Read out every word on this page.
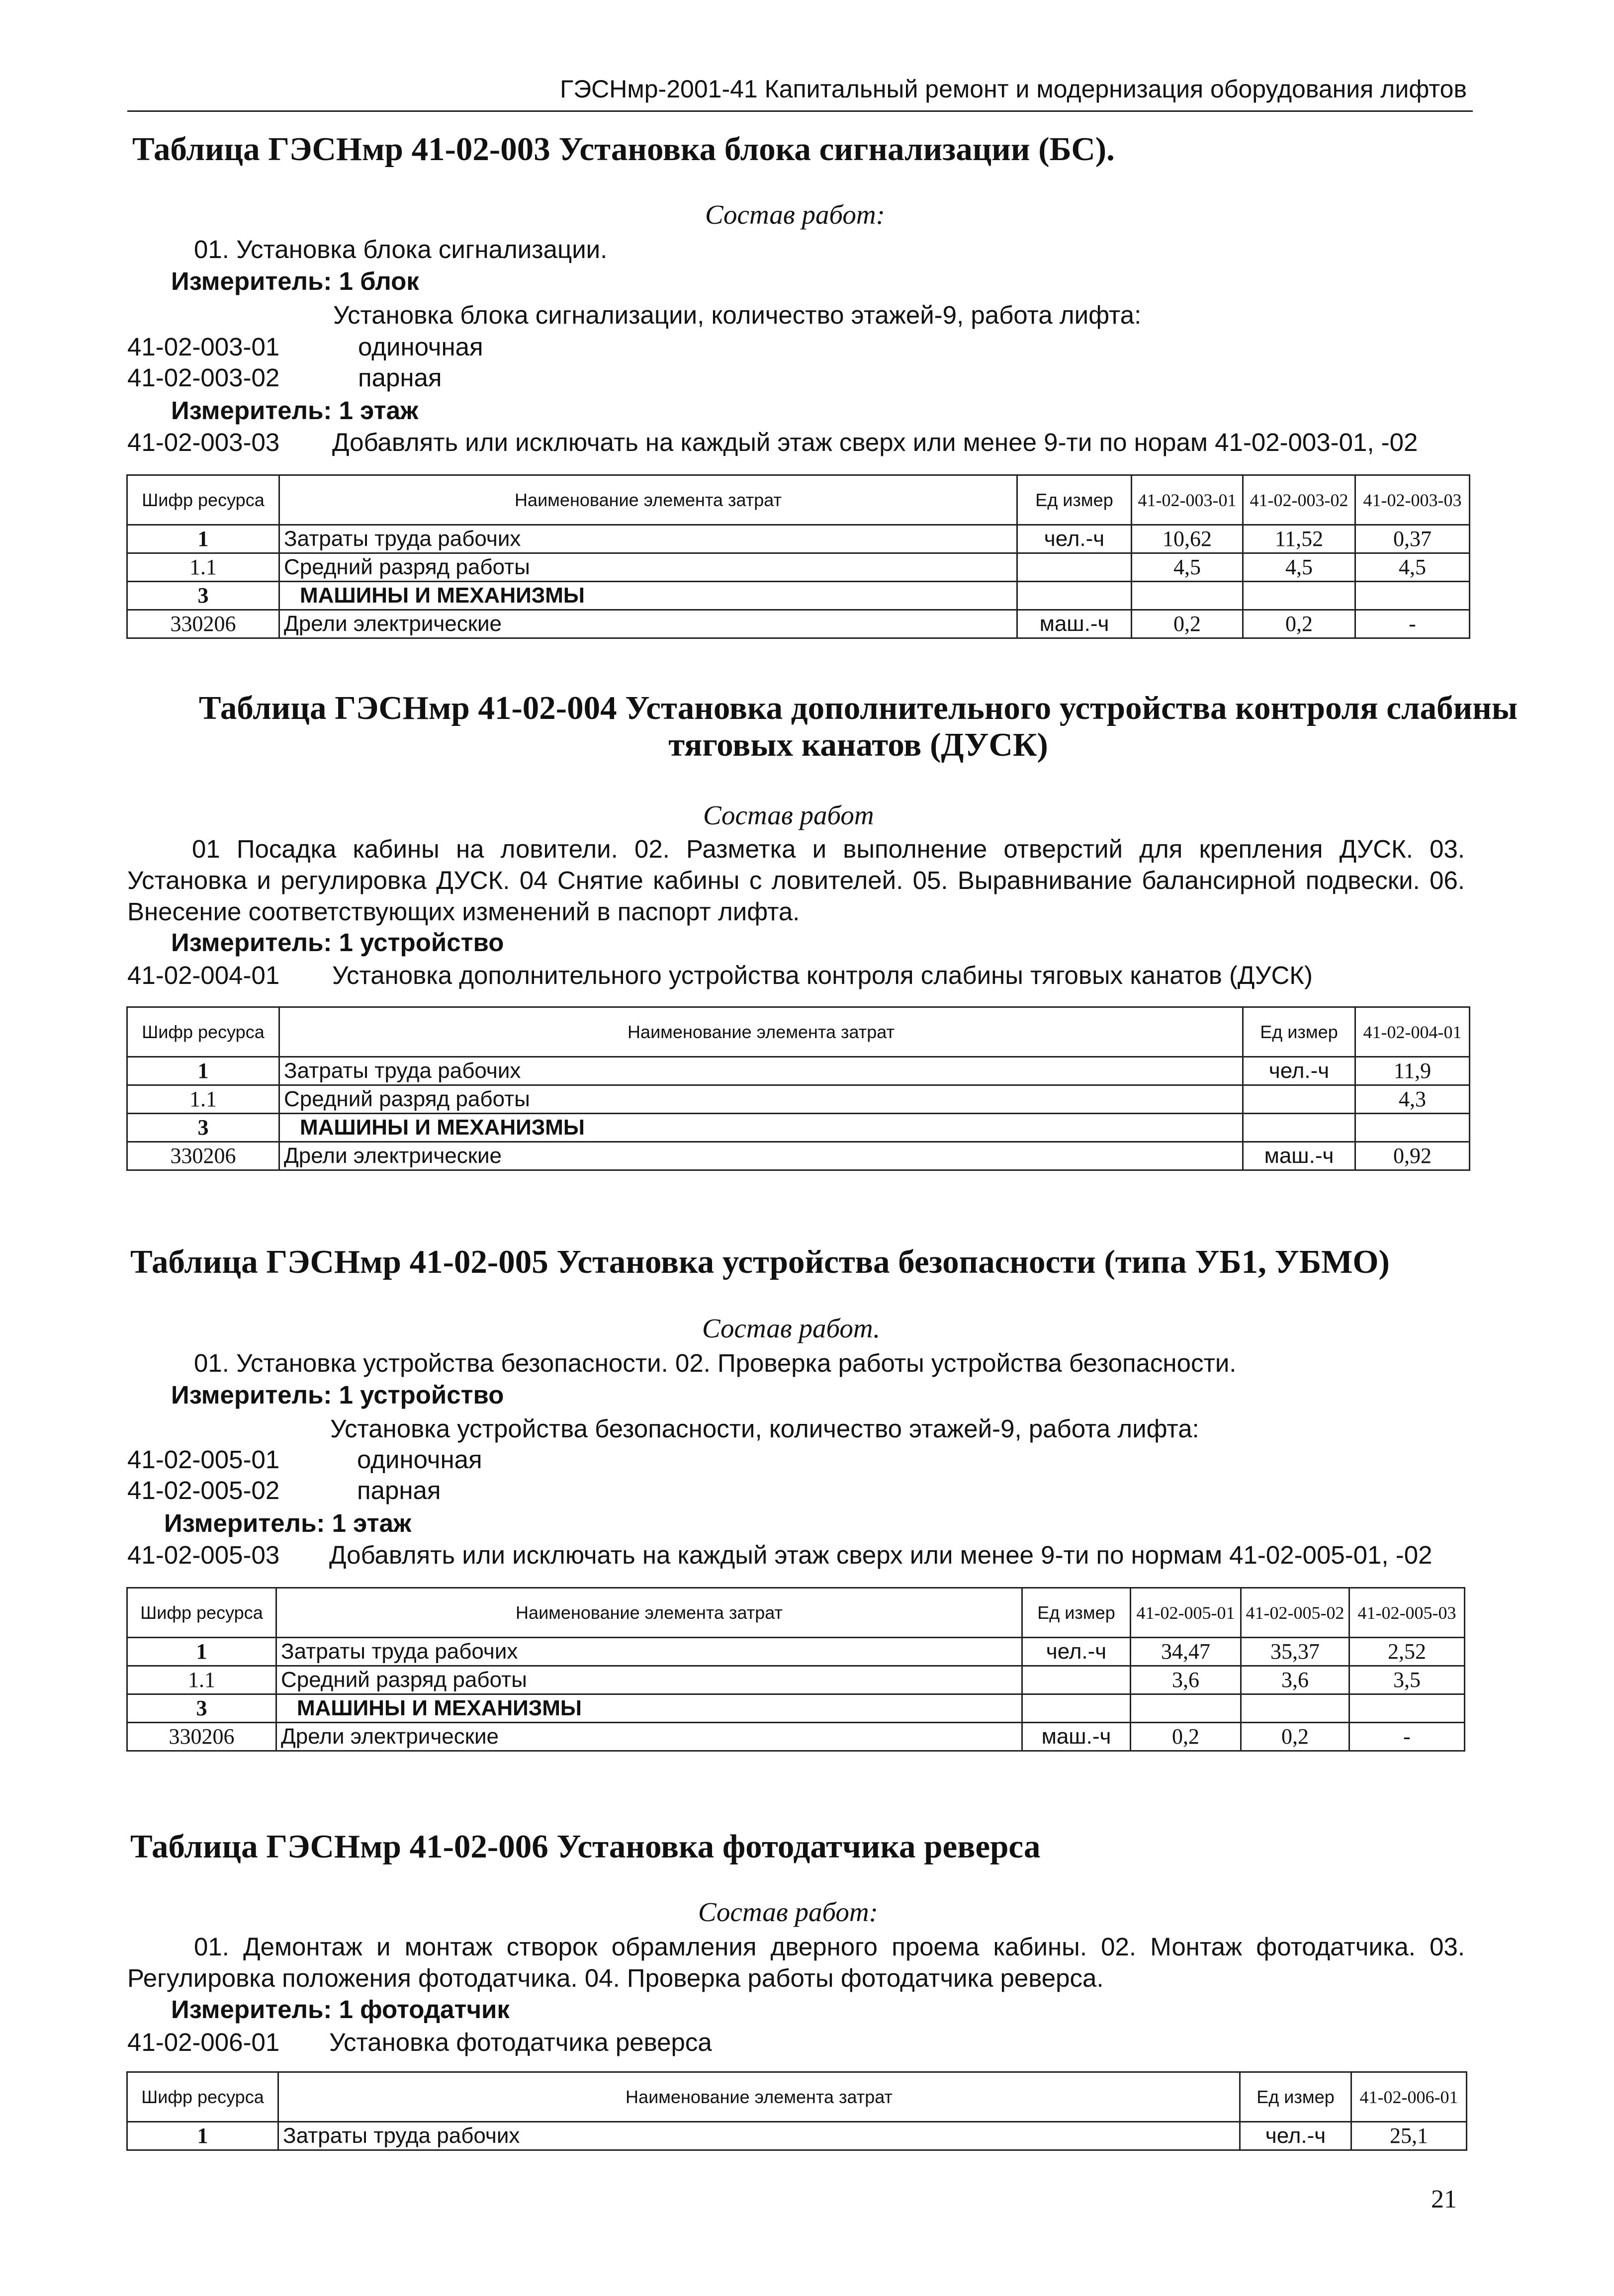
ГЭСНмр-2001-41 Капитальный ремонт и модернизация оборудования лифтов
Таблица ГЭСНмр 41-02-003 Установка блока сигнализации (БС).
Состав работ:
01. Установка блока сигнализации.
Измеритель: 1 блок
Установка блока сигнализации, количество этажей-9, работа лифта:
41-02-003-01	одиночная
41-02-003-02	парная
Измеритель: 1 этаж
41-02-003-03 Добавлять или исключать на каждый этаж сверх или менее 9-ти по норам 41-02-003-01, -02
Шифр ресурса	Наименование элемента затрат	Ед измер	41-02-003-01	41-02-003-02	41-02-003-03
1	Затраты труда рабочих	чел.-ч	10,62	11,52	0,37
1.1	Средний разряд работы		4,5	4,5	4,5
3	МАШИНЫ И МЕХАНИЗМЫ				
330206	Дрели электрические	маш.-ч	0,2	0,2	-
Таблица ГЭСНмр 41-02-004 Установка дополнительного устройства контроля слабины
тяговых канатов (ДУСК)
Состав работ
01 Посадка кабины на ловители. 02. Разметка и выполнение отверстий для крепления ДУСК. 03. Установка и регулировка ДУСК. 04 Снятие кабины с ловителей. 05. Выравнивание балансирной подвески. 06. Внесение соответствующих изменений в паспорт лифта.
Измеритель: 1 устройство
41-02-004-01 Установка дополнительного устройства контроля слабины тяговых канатов (ДУСК)
Шифр ресурса	Наименование элемента затрат	Ед измер	41-02-004-01
1	Затраты труда рабочих	чел.-ч	11,9
1.1	Средний разряд работы		4,3
3	МАШИНЫ И МЕХАНИЗМЫ		
330206	Дрели электрические	маш.-ч	0,92
Таблица ГЭСНмр 41-02-005 Установка устройства безопасности (типа УБ1, УБМО)
Состав работ.
01. Установка устройства безопасности. 02. Проверка работы устройства безопасности.
Измеритель: 1 устройство
Установка устройства безопасности, количество этажей-9, работа лифта:
41-02-005-01	одиночная
41-02-005-02	парная
Измеритель: 1 этаж
41-02-005-03 Добавлять или исключать на каждый этаж сверх или менее 9-ти по нормам 41-02-005-01, -02
Шифр ресурса	Наименование элемента затрат	Ед измер	41-02-005-01	41-02-005-02	41-02-005-03
1	Затраты труда рабочих	чел.-ч	34,47	35,37	2,52
1.1	Средний разряд работы		3,6	3,6	3,5
3	МАШИНЫ И МЕХАНИЗМЫ				
330206	Дрели электрические	маш.-ч	0,2	0,2	-
Таблица ГЭСНмр 41-02-006 Установка фотодатчика реверса
Состав работ:
01. Демонтаж и монтаж створок обрамления дверного проема кабины. 02. Монтаж фотодатчика. 03. Регулировка положения фотодатчика. 04. Проверка работы фотодатчика реверса.
Измеритель: 1 фотодатчик
41-02-006-01 Установка фотодатчика реверса
Шифр ресурса	Наименование элемента затрат	Ед измер	41-02-006-01
1	Затраты труда рабочих	чел.-ч	25,1
21
